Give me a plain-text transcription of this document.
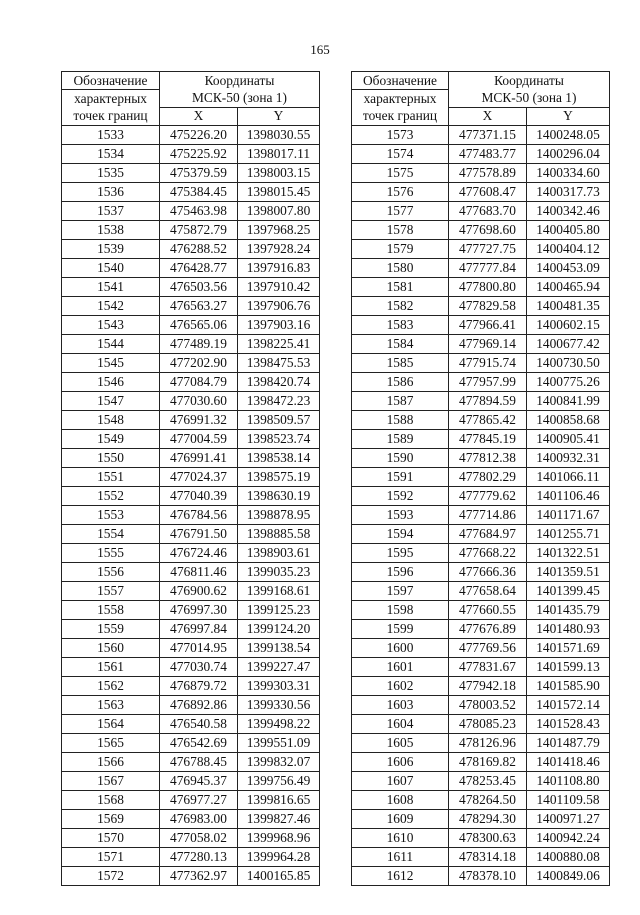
165
Обозначение	Координаты	
характерных	МСК-50 (зона 1)	
точек границ	X	Y
1533	475226.20	1398030.55
1534	475225.92	1398017.11
1535	475379.59	1398003.15
1536	475384.45	1398015.45
1537	475463.98	1398007.80
1538	475872.79	1397968.25
1539	476288.52	1397928.24
1540	476428.77	1397916.83
1541	476503.56	1397910.42
1542	476563.27	1397906.76
1543	476565.06	1397903.16
1544	477489.19	1398225.41
1545	477202.90	1398475.53
1546	477084.79	1398420.74
1547	477030.60	1398472.23
1548	476991.32	1398509.57
1549	477004.59	1398523.74
1550	476991.41	1398538.14
1551	477024.37	1398575.19
1552	477040.39	1398630.19
1553	476784.56	1398878.95
1554	476791.50	1398885.58
1555	476724.46	1398903.61
1556	476811.46	1399035.23
1557	476900.62	1399168.61
1558	476997.30	1399125.23
1559	476997.84	1399124.20
1560	477014.95	1399138.54
1561	477030.74	1399227.47
1562	476879.72	1399303.31
1563	476892.86	1399330.56
1564	476540.58	1399498.22
1565	476542.69	1399551.09
1566	476788.45	1399832.07
1567	476945.37	1399756.49
1568	476977.27	1399816.65
1569	476983.00	1399827.46
1570	477058.02	1399968.96
1571	477280.13	1399964.28
1572	477362.97	1400165.85
Обозначение	Координаты	
характерных	МСК-50 (зона 1)	
точек границ	X	Y
1573	477371.15	1400248.05
1574	477483.77	1400296.04
1575	477578.89	1400334.60
1576	477608.47	1400317.73
1577	477683.70	1400342.46
1578	477698.60	1400405.80
1579	477727.75	1400404.12
1580	477777.84	1400453.09
1581	477800.80	1400465.94
1582	477829.58	1400481.35
1583	477966.41	1400602.15
1584	477969.14	1400677.42
1585	477915.74	1400730.50
1586	477957.99	1400775.26
1587	477894.59	1400841.99
1588	477865.42	1400858.68
1589	477845.19	1400905.41
1590	477812.38	1400932.31
1591	477802.29	1401066.11
1592	477779.62	1401106.46
1593	477714.86	1401171.67
1594	477684.97	1401255.71
1595	477668.22	1401322.51
1596	477666.36	1401359.51
1597	477658.64	1401399.45
1598	477660.55	1401435.79
1599	477676.89	1401480.93
1600	477769.56	1401571.69
1601	477831.67	1401599.13
1602	477942.18	1401585.90
1603	478003.52	1401572.14
1604	478085.23	1401528.43
1605	478126.96	1401487.79
1606	478169.82	1401418.46
1607	478253.45	1401108.80
1608	478264.50	1401109.58
1609	478294.30	1400971.27
1610	478300.63	1400942.24
1611	478314.18	1400880.08
1612	478378.10	1400849.06
